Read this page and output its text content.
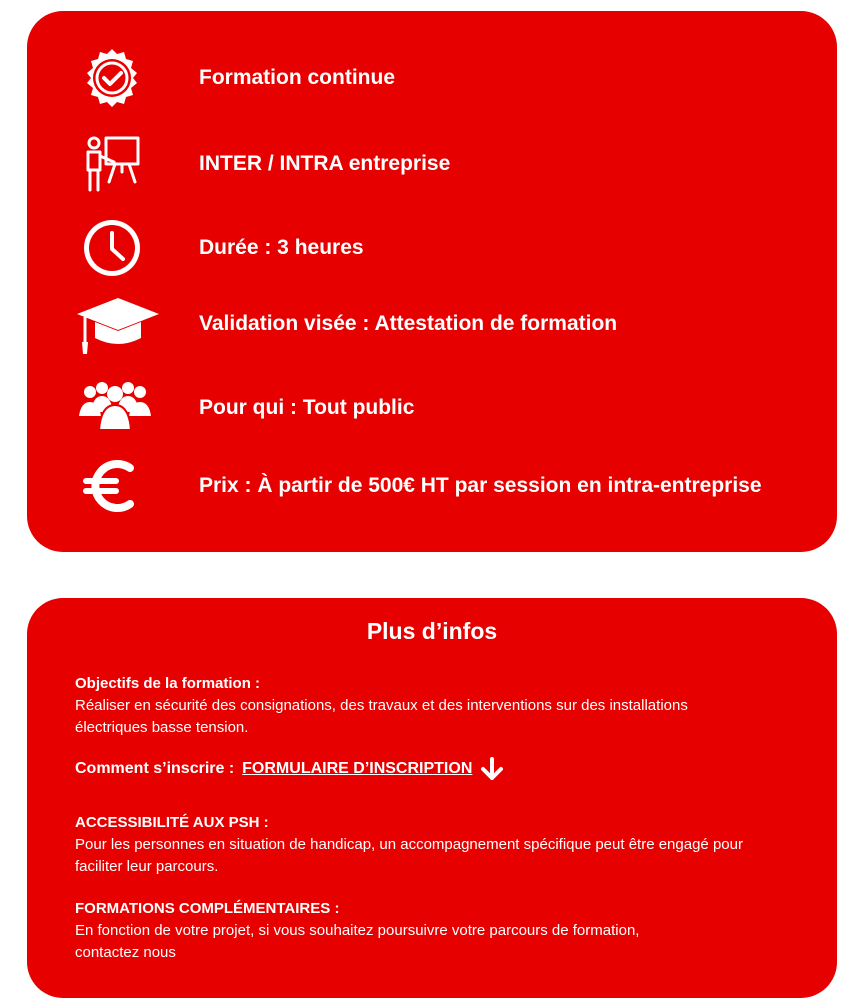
Formation continue
INTER / INTRA entreprise
Durée : 3 heures
Validation visée : Attestation de formation
Pour qui : Tout public
Prix : À partir de 500€ HT par session en intra-entreprise
Plus d’infos
Objectifs de la formation :
Réaliser en sécurité des consignations, des travaux et des interventions sur des installations
électriques basse tension.
Comment s’inscrire : FORMULAIRE D’INSCRIPTION
ACCESSIBILITÉ AUX PSH :
Pour les personnes en situation de handicap, un accompagnement spécifique peut être engagé pour
faciliter leur parcours.
FORMATIONS COMPLÉMENTAIRES :
En fonction de votre projet, si vous souhaitez poursuivre votre parcours de formation,
contactez nous
